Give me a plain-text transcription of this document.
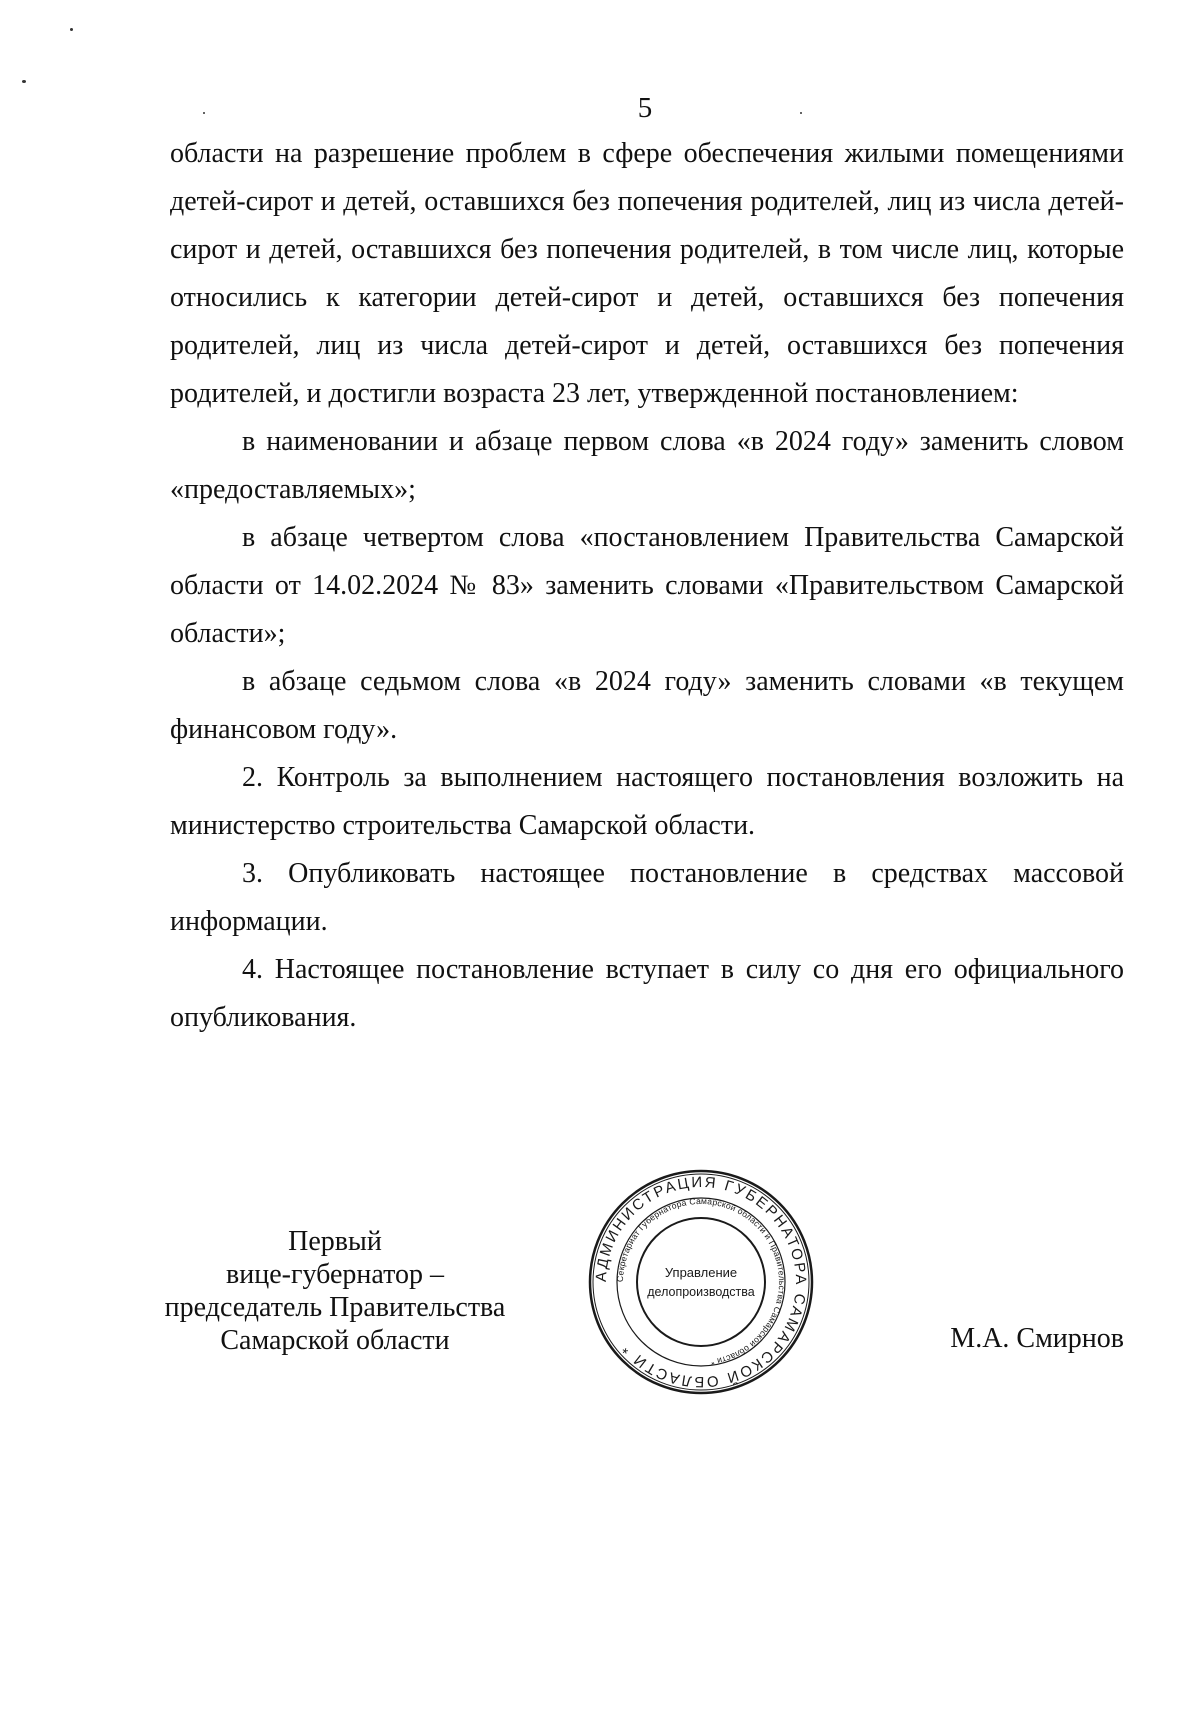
5

области на разрешение проблем в сфере обеспечения жилыми помещениями детей-сирот и детей, оставшихся без попечения родителей, лиц из числа детей-сирот и детей, оставшихся без попечения родителей, в том числе лиц, которые относились к категории детей-сирот и детей, оставшихся без попечения родителей, лиц из числа детей-сирот и детей, оставшихся без попечения родителей, и достигли возраста 23 лет, утвержденной постановлением:

в наименовании и абзаце первом слова «в 2024 году» заменить словом «предоставляемых»;

в абзаце четвертом слова «постановлением Правительства Самарской области от 14.02.2024 № 83» заменить словами «Правительством Самарской области»;

в абзаце седьмом слова «в 2024 году» заменить словами «в текущем финансовом году».

2. Контроль за выполнением настоящего постановления возложить на министерство строительства Самарской области.

3. Опубликовать настоящее постановление в средствах массовой информации.

4. Настоящее постановление вступает в силу со дня его официального опубликования.

Первый
вице-губернатор –
председатель Правительства
Самарской области
АДМИНИСТРАЦИЯ ГУБЕРНАТОРА САМАРСКОЙ ОБЛАСТИ *
Секретариат Губернатора Самарской области и Правительства Самарской области *
Управление
делопроизводства
М.А. Смирнов
